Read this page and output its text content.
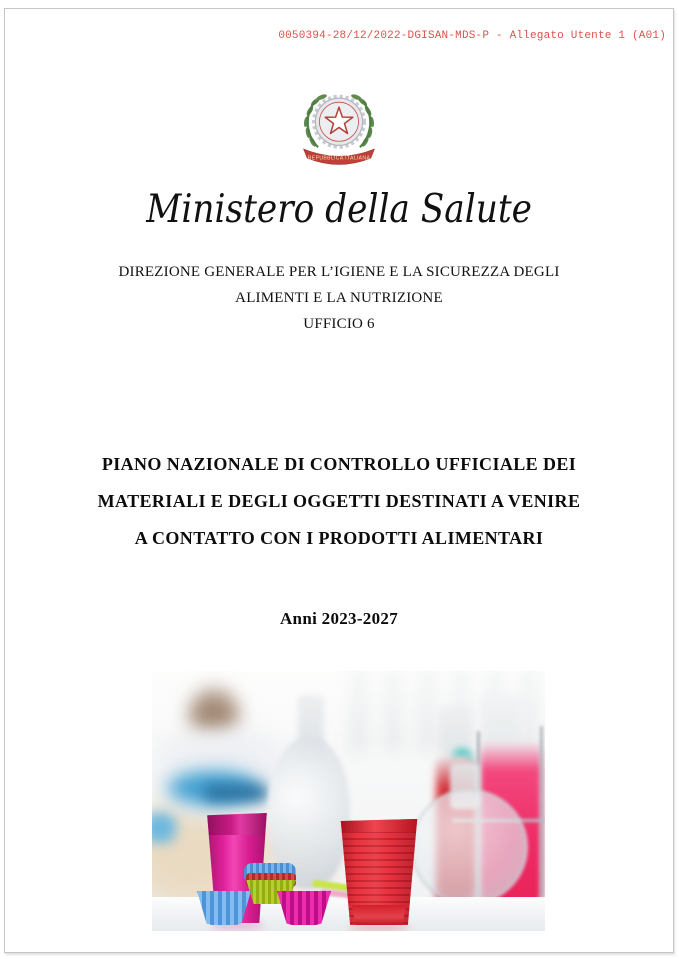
0050394-28/12/2022-DGISAN-MDS-P - Allegato Utente 1 (A01)
REPUBBLICA ITALIANA
Ministero della Salute
DIREZIONE GENERALE PER L’IGIENE E LA SICUREZZA DEGLI
ALIMENTI E LA NUTRIZIONE
UFFICIO 6
PIANO NAZIONALE DI CONTROLLO UFFICIALE DEI
MATERIALI E DEGLI OGGETTI DESTINATI A VENIRE
A CONTATTO CON I PRODOTTI ALIMENTARI
Anni 2023-2027
